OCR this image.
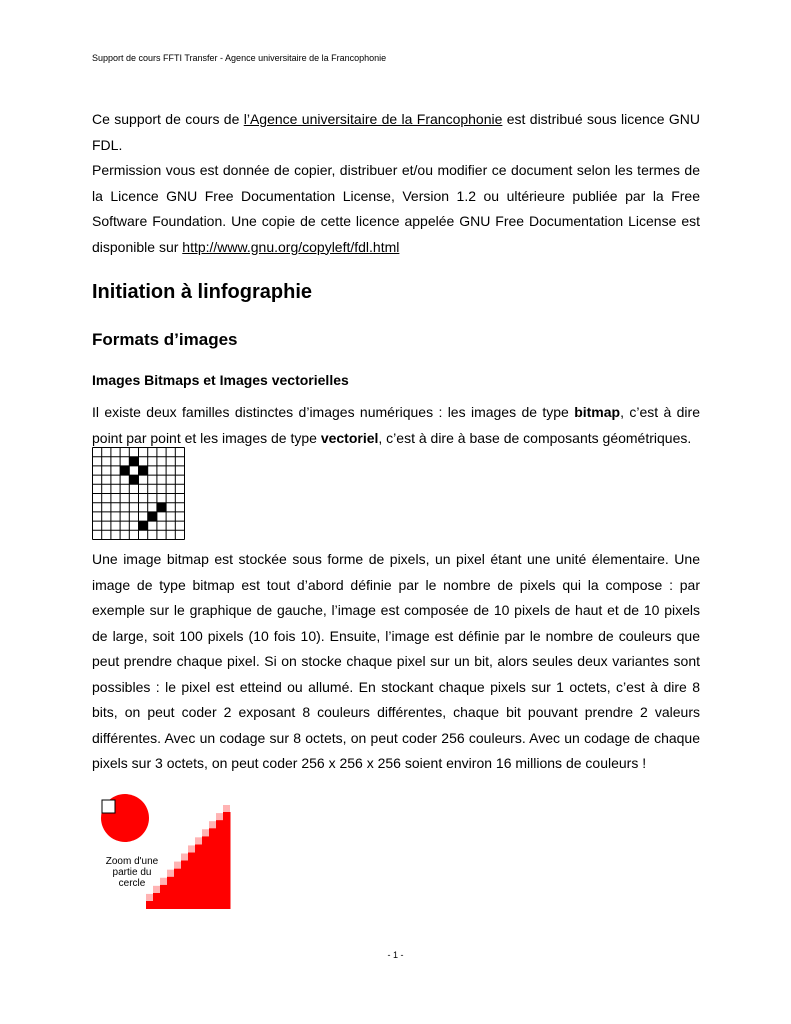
Support de cours FFTI Transfer - Agence universitaire de la Francophonie

Ce support de cours de l’Agence universitaire de la Francophonie est distribué sous licence GNU FDL.

Permission vous est donnée de copier, distribuer et/ou modifier ce document selon les termes de la Licence GNU Free Documentation License, Version 1.2 ou ultérieure publiée par la Free Software Foundation. Une copie de cette licence appelée GNU Free Documentation License est disponible sur http://www.gnu.org/copyleft/fdl.html

Initiation à linfographie
Formats d’images
Images Bitmaps et Images vectorielles

Il existe deux familles distinctes d’images numériques : les images de type bitmap, c’est à dire point par point et les images de type vectoriel, c’est à dire à base de composants géométriques.

Une image bitmap est stockée sous forme de pixels, un pixel étant une unité élementaire. Une image de type bitmap est tout d’abord définie par le nombre de pixels qui la compose : par exemple sur le graphique de gauche, l’image est composée de 10 pixels de haut et de 10 pixels de large, soit 100 pixels (10 fois 10). Ensuite, l’image est définie par le nombre de couleurs que peut prendre chaque pixel. Si on stocke chaque pixel sur un bit, alors seules deux variantes sont possibles : le pixel est etteind ou allumé. En stockant chaque pixels sur 1 octets, c’est à dire 8 bits, on peut coder 2 exposant 8 couleurs différentes, chaque bit pouvant prendre 2 valeurs différentes. Avec un codage sur 8 octets, on peut coder 256 couleurs. Avec un codage de chaque pixels sur 3 octets, on peut coder 256 x 256 x 256 soient environ 16 millions de couleurs !

Zoom d'une
partie du
cercle
- 1 -
